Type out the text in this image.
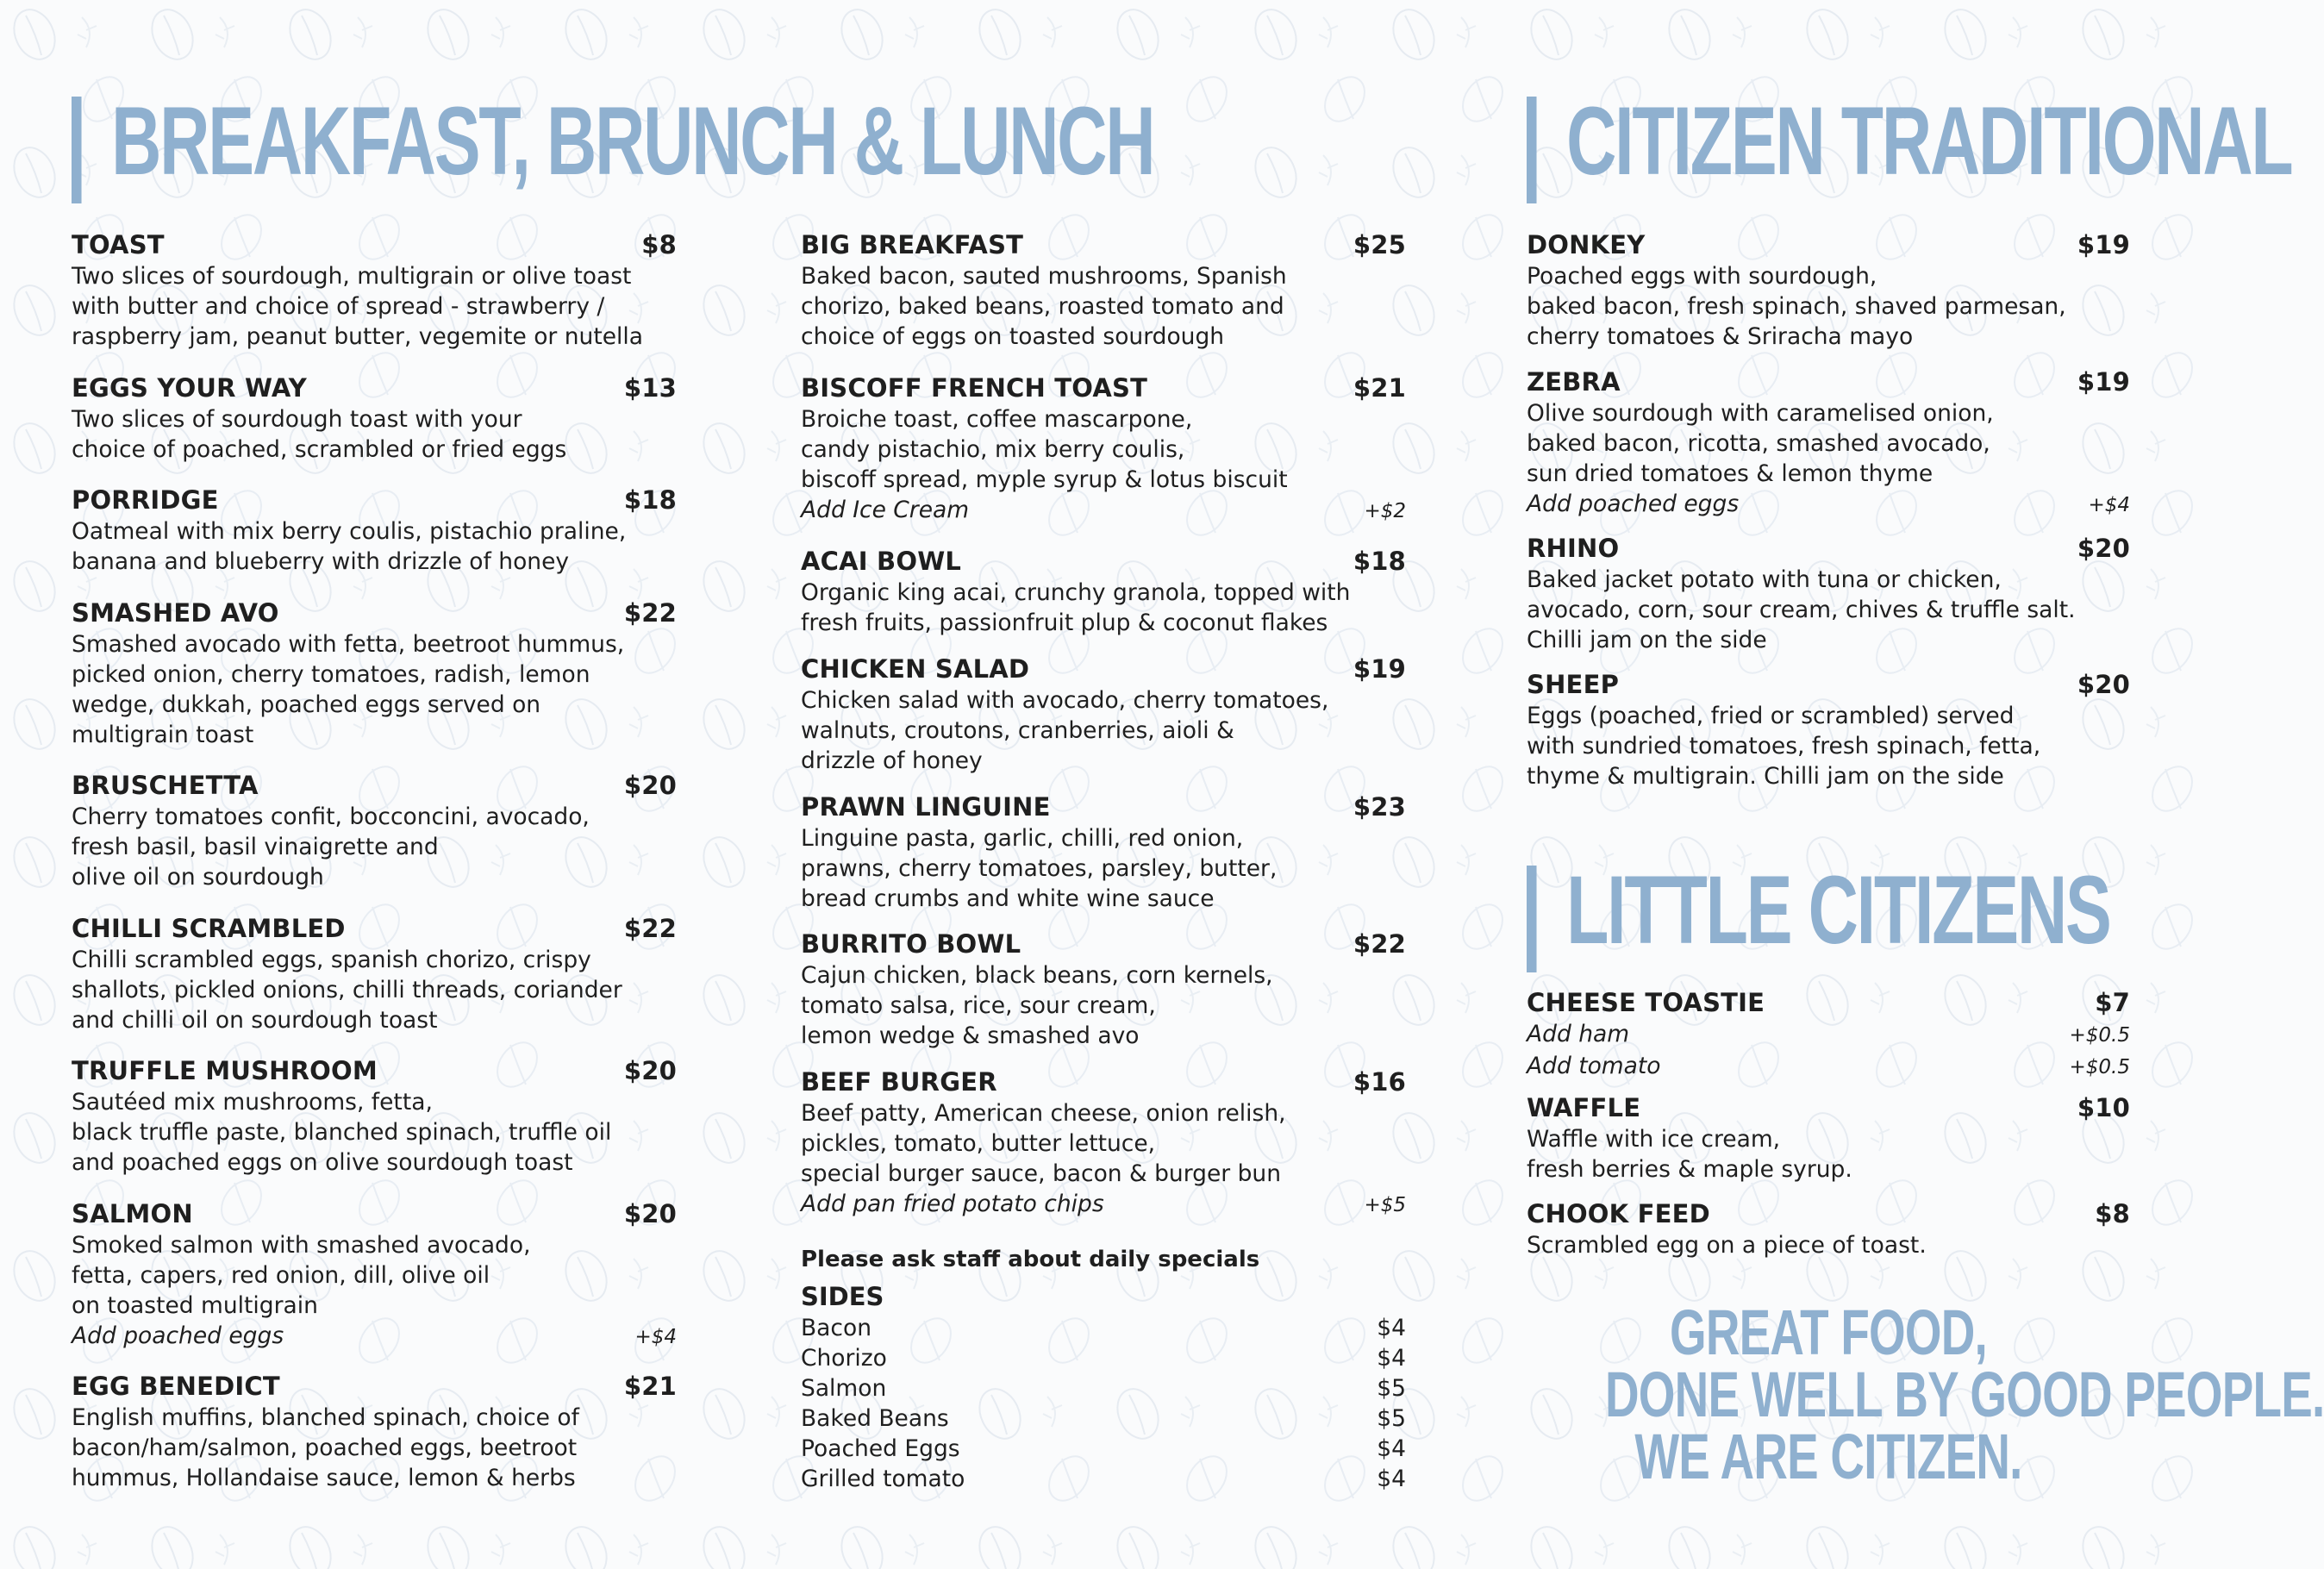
BREAKFAST, BRUNCH & LUNCH
TOAST	$8
Two slices of sourdough, multigrain or olive toast
with butter and choice of spread - strawberry /
raspberry jam, peanut butter, vegemite or nutella
EGGS YOUR WAY	$13
Two slices of sourdough toast with your
choice of poached, scrambled or fried eggs
PORRIDGE	$18
Oatmeal with mix berry coulis, pistachio praline,
banana and blueberry with drizzle of honey
SMASHED AVO	$22
Smashed avocado with fetta, beetroot hummus,
picked onion, cherry tomatoes, radish, lemon
wedge, dukkah, poached eggs served on
multigrain toast
BRUSCHETTA	$20
Cherry tomatoes confit, bocconcini, avocado,
fresh basil, basil vinaigrette and
olive oil on sourdough
CHILLI SCRAMBLED	$22
Chilli scrambled eggs, spanish chorizo, crispy
shallots, pickled onions, chilli threads, coriander
and chilli oil on sourdough toast
TRUFFLE MUSHROOM	$20
Sautéed mix mushrooms, fetta,
black truffle paste, blanched spinach, truffle oil
and poached eggs on olive sourdough toast
SALMON	$20
Smoked salmon with smashed avocado,
fetta, capers, red onion, dill, olive oil
on toasted multigrain
Add poached eggs	+$4
EGG BENEDICT	$21
English muffins, blanched spinach, choice of
bacon/ham/salmon, poached eggs, beetroot
hummus, Hollandaise sauce, lemon & herbs
BIG BREAKFAST	$25
Baked bacon, sauted mushrooms, Spanish
chorizo, baked beans, roasted tomato and
choice of eggs on toasted sourdough
BISCOFF FRENCH TOAST	$21
Broiche toast, coffee mascarpone,
candy pistachio, mix berry coulis,
biscoff spread, myple syrup & lotus biscuit
Add Ice Cream	+$2
ACAI BOWL	$18
Organic king acai, crunchy granola, topped with
fresh fruits, passionfruit plup & coconut flakes
CHICKEN SALAD	$19
Chicken salad with avocado, cherry tomatoes,
walnuts, croutons, cranberries, aioli &
drizzle of honey
PRAWN LINGUINE	$23
Linguine pasta, garlic, chilli, red onion,
prawns, cherry tomatoes, parsley, butter,
bread crumbs and white wine sauce
BURRITO BOWL	$22
Cajun chicken, black beans, corn kernels,
tomato salsa, rice, sour cream,
lemon wedge & smashed avo
BEEF BURGER	$16
Beef patty, American cheese, onion relish,
pickles, tomato, butter lettuce,
special burger sauce, bacon & burger bun
Add pan fried potato chips	+$5
Please ask staff about daily specials
SIDES
Bacon	$4
Chorizo	$4
Salmon	$5
Baked Beans	$5
Poached Eggs	$4
Grilled tomato	$4
CITIZEN TRADITIONAL
DONKEY	$19
Poached eggs with sourdough,
baked bacon, fresh spinach, shaved parmesan,
cherry tomatoes & Sriracha mayo
ZEBRA	$19
Olive sourdough with caramelised onion,
baked bacon, ricotta, smashed avocado,
sun dried tomatoes & lemon thyme
Add poached eggs	+$4
RHINO	$20
Baked jacket potato with tuna or chicken,
avocado, corn, sour cream, chives & truffle salt.
Chilli jam on the side
SHEEP	$20
Eggs (poached, fried or scrambled) served
with sundried tomatoes, fresh spinach, fetta,
thyme & multigrain. Chilli jam on the side
LITTLE CITIZENS
CHEESE TOASTIE	$7
Add ham	+$0.5
Add tomato	+$0.5
WAFFLE	$10
Waffle with ice cream,
fresh berries & maple syrup.
CHOOK FEED	$8
Scrambled egg on a piece of toast.
GREAT FOOD,
DONE WELL BY GOOD PEOPLE.
WE ARE CITIZEN.
